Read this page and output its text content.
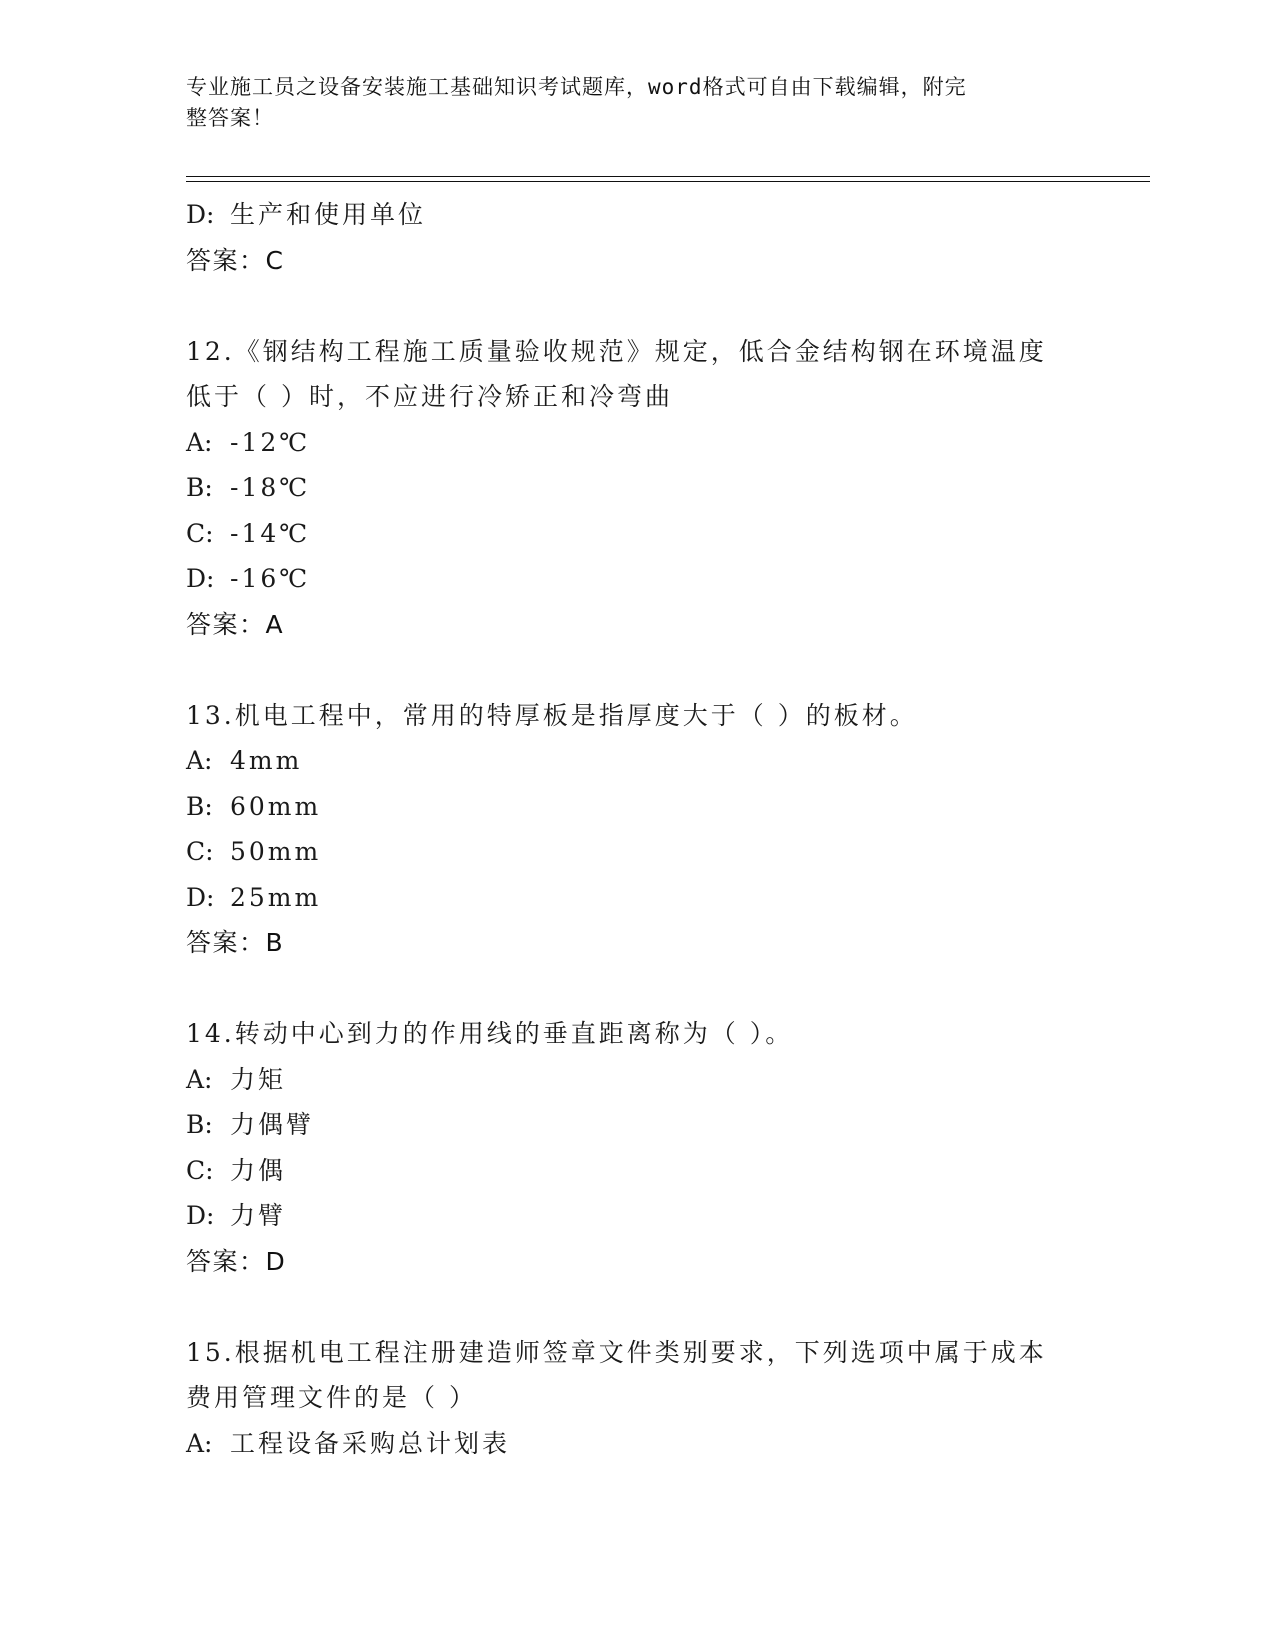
专业施工员之设备安装施工基础知识考试题库，word格式可自由下载编辑，附完
整答案！
D: 生产和使用单位
答案：C
12.《钢结构工程施工质量验收规范》规定，低合金结构钢在环境温度
低于（ ）时，不应进行冷矫正和冷弯曲
A: -12℃
B: -18℃
C: -14℃
D: -16℃
答案：A
13.机电工程中，常用的特厚板是指厚度大于（ ）的板材。
A: 4mm
B: 60mm
C: 50mm
D: 25mm
答案：B
14.转动中心到力的作用线的垂直距离称为（ ）。
A: 力矩
B: 力偶臂
C: 力偶
D: 力臂
答案：D
15.根据机电工程注册建造师签章文件类别要求，下列选项中属于成本
费用管理文件的是（ ）
A: 工程设备采购总计划表
